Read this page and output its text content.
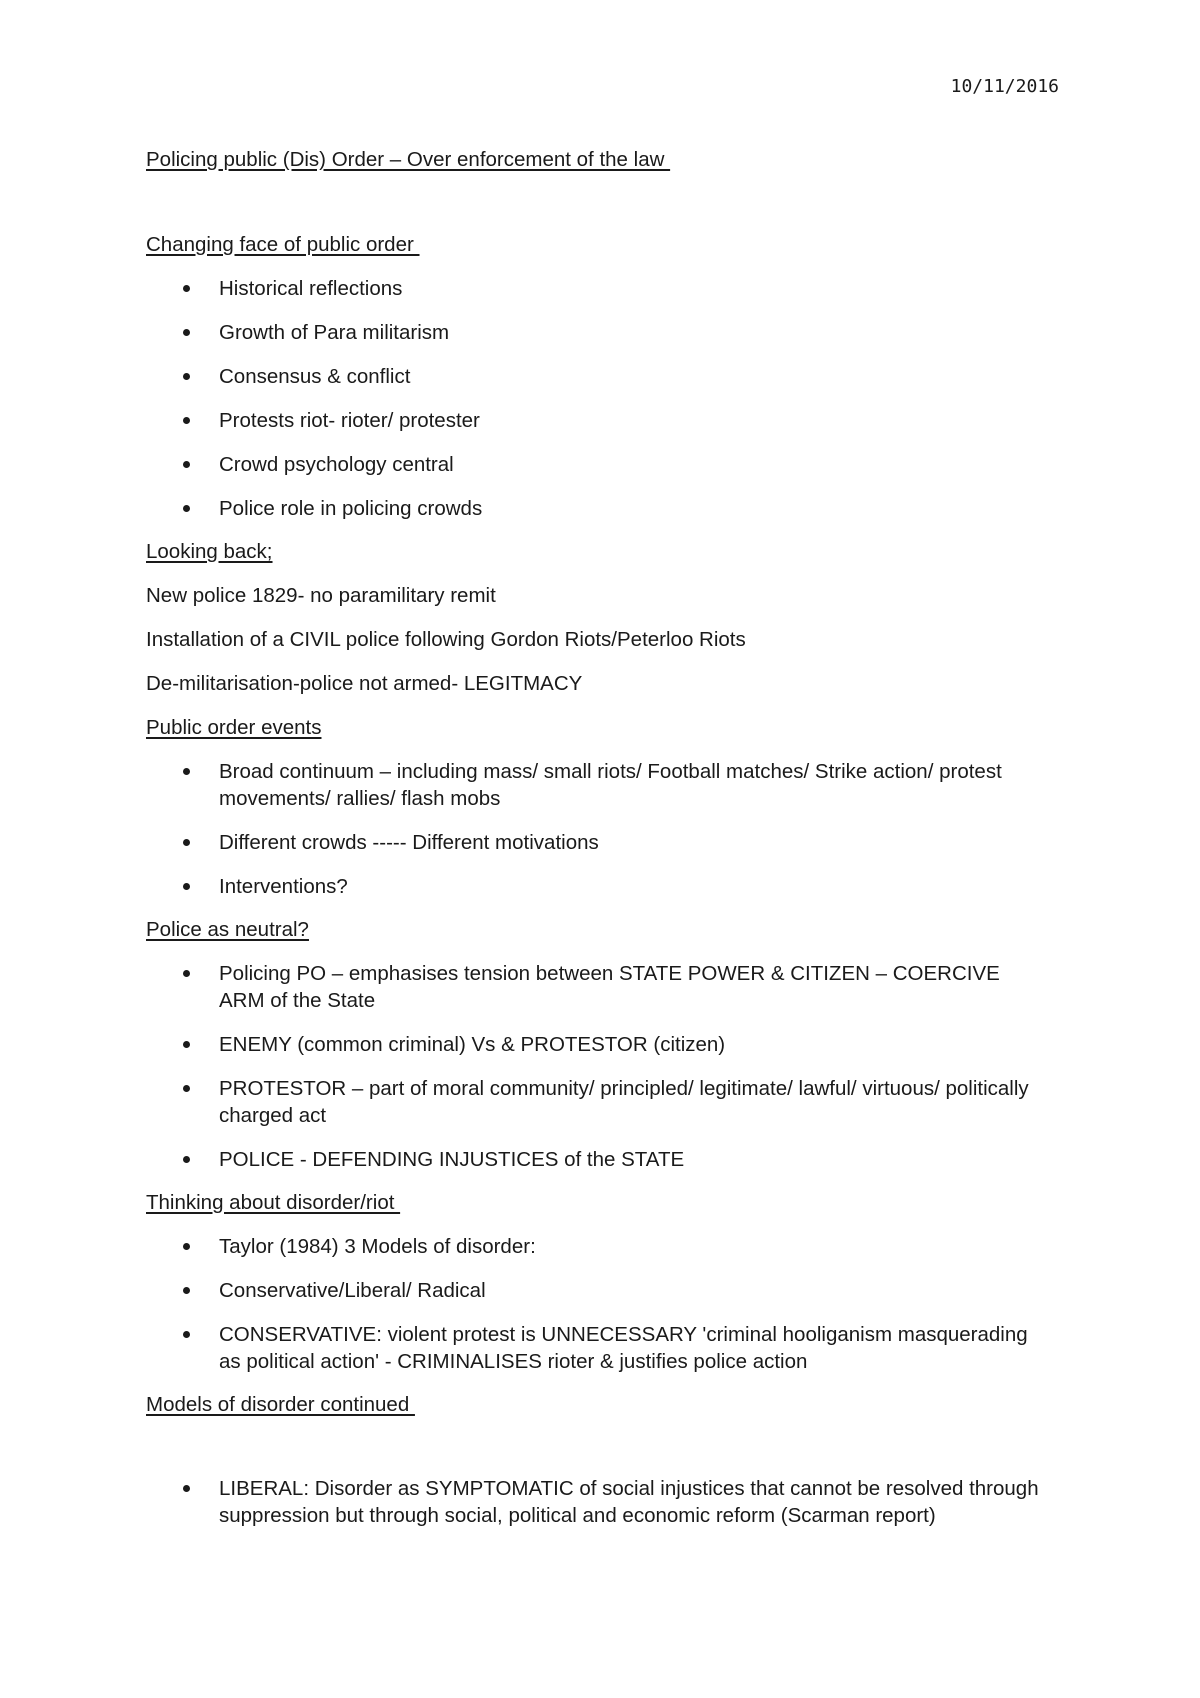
10/11/2016

Policing public (Dis) Order – Over enforcement of the law

Changing face of public order

Historical reflections

Growth of Para militarism

Consensus & conflict

Protests riot- rioter/ protester

Crowd psychology central

Police role in policing crowds

Looking back;

New police 1829- no paramilitary remit

Installation of a CIVIL police following Gordon Riots/Peterloo Riots

De-militarisation-police not armed- LEGITMACY

Public order events

Broad continuum – including mass/ small riots/ Football matches/ Strike action/ protest movements/ rallies/ flash mobs

Different crowds ----- Different motivations

Interventions?

Police as neutral?

Policing PO – emphasises tension between STATE POWER & CITIZEN – COERCIVE ARM of the State

ENEMY (common criminal) Vs & PROTESTOR (citizen)

PROTESTOR – part of moral community/ principled/ legitimate/ lawful/ virtuous/ politically charged act

POLICE - DEFENDING INJUSTICES of the STATE

Thinking about disorder/riot

Taylor (1984) 3 Models of disorder:

Conservative/Liberal/ Radical

CONSERVATIVE: violent protest is UNNECESSARY 'criminal hooliganism masquerading as political action' - CRIMINALISES rioter & justifies police action

Models of disorder continued

LIBERAL: Disorder as SYMPTOMATIC of social injustices that cannot be resolved through suppression but through social, political and economic reform (Scarman report)
